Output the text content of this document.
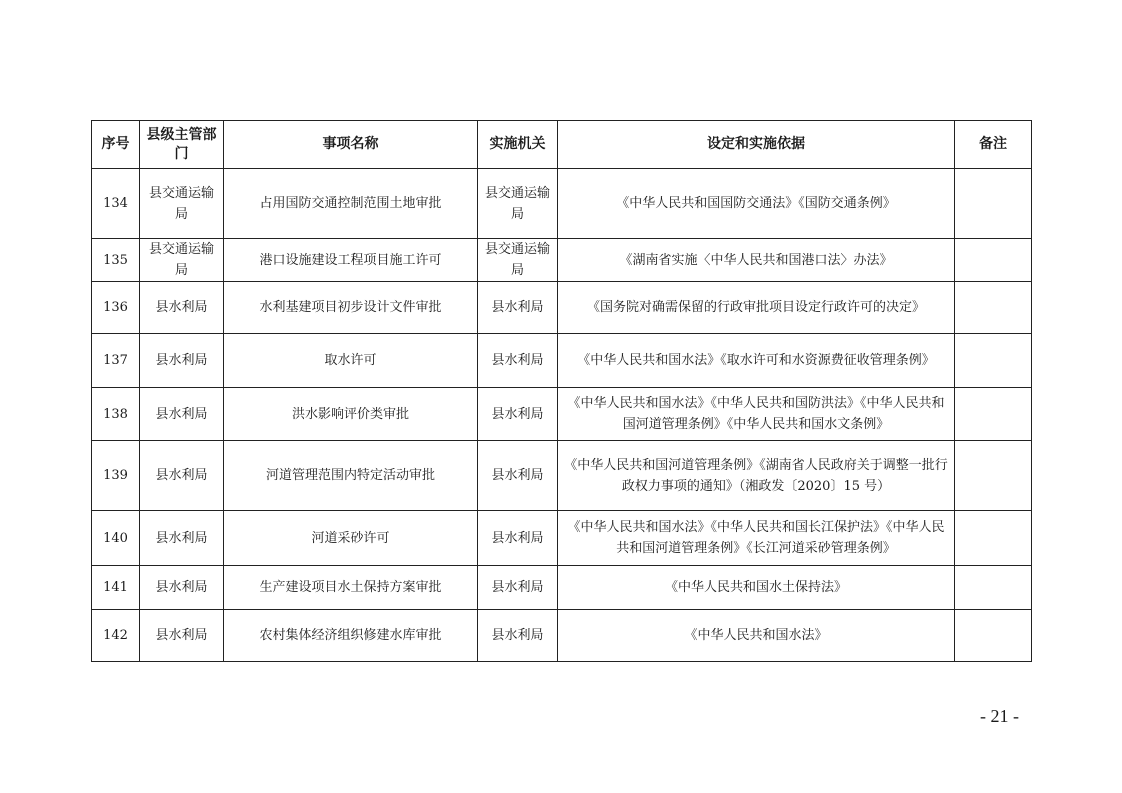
序号	县级主管部门	事项名称	实施机关	设定和实施依据	备注
134	县交通运输局	占用国防交通控制范围土地审批	县交通运输局	《中华人民共和国国防交通法》《国防交通条例》	
135	县交通运输局	港口设施建设工程项目施工许可	县交通运输局	《湖南省实施〈中华人民共和国港口法〉办法》	
136	县水利局	水利基建项目初步设计文件审批	县水利局	《国务院对确需保留的行政审批项目设定行政许可的决定》	
137	县水利局	取水许可	县水利局	《中华人民共和国水法》《取水许可和水资源费征收管理条例》	
138	县水利局	洪水影响评价类审批	县水利局	《中华人民共和国水法》《中华人民共和国防洪法》《中华人民共和国河道管理条例》《中华人民共和国水文条例》	
139	县水利局	河道管理范围内特定活动审批	县水利局	《中华人民共和国河道管理条例》《湖南省人民政府关于调整一批行政权力事项的通知》（湘政发〔2020〕15 号）	
140	县水利局	河道采砂许可	县水利局	《中华人民共和国水法》《中华人民共和国长江保护法》《中华人民共和国河道管理条例》《长江河道采砂管理条例》	
141	县水利局	生产建设项目水土保持方案审批	县水利局	《中华人民共和国水土保持法》	
142	县水利局	农村集体经济组织修建水库审批	县水利局	《中华人民共和国水法》	
- 21 -
